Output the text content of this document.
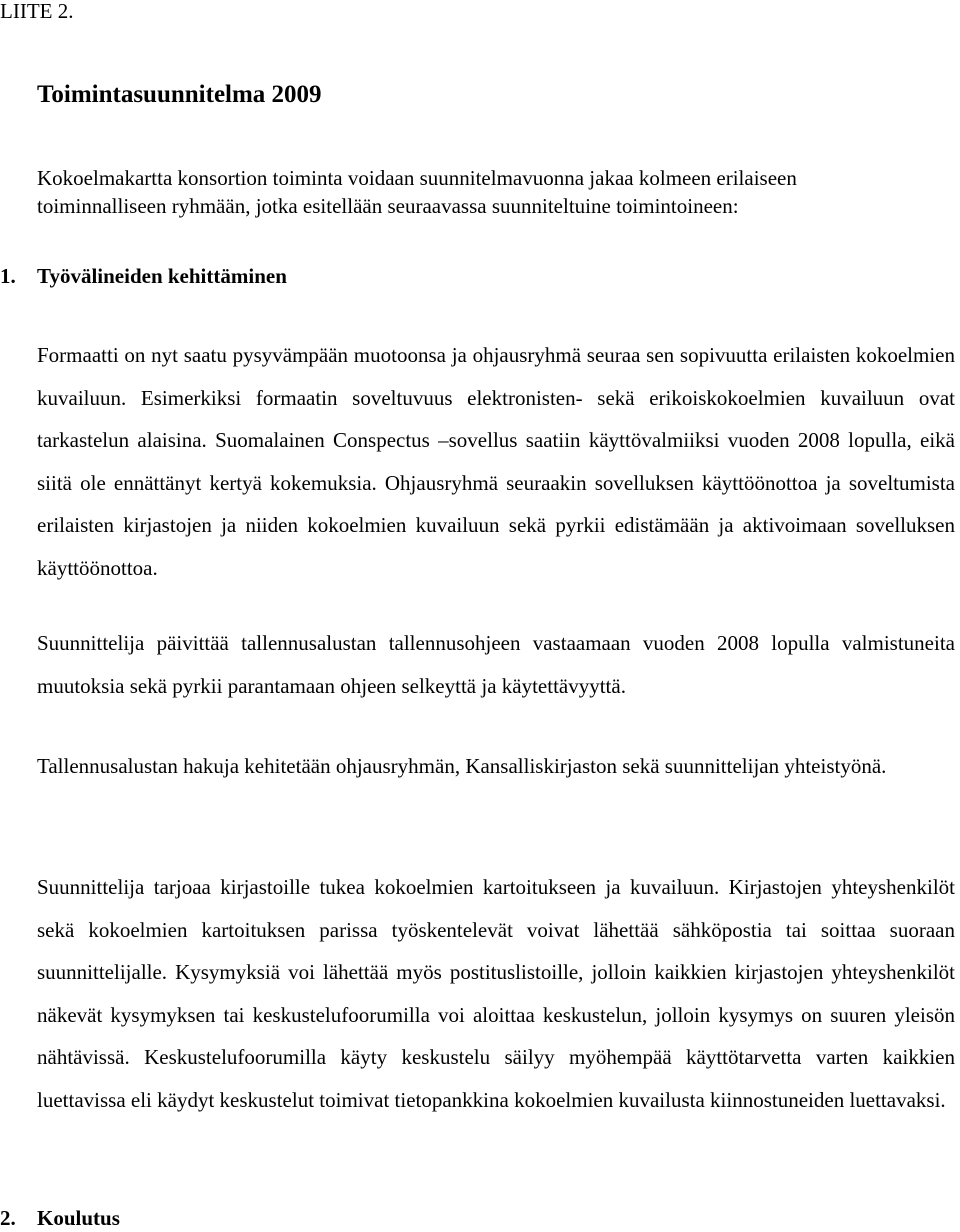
LIITE 2.
Toimintasuunnitelma 2009

Kokoelmakartta konsortion toiminta voidaan suunnitelmavuonna jakaa kolmeen erilaiseen toiminnalliseen ryhmään, jotka esitellään seuraavassa suunniteltuine toimintoineen:

1. Työvälineiden kehittäminen

Formaatti on nyt saatu pysyvämpään muotoonsa ja ohjausryhmä seuraa sen sopivuutta erilaisten kokoelmien kuvailuun. Esimerkiksi formaatin soveltuvuus elektronisten- sekä erikoiskokoelmien kuvailuun ovat tarkastelun alaisina. Suomalainen Conspectus –sovellus saatiin käyttövalmiiksi vuoden 2008 lopulla, eikä siitä ole ennättänyt kertyä kokemuksia. Ohjausryhmä seuraakin sovelluksen käyttöönottoa ja soveltumista erilaisten kirjastojen ja niiden kokoelmien kuvailuun sekä pyrkii edistämään ja aktivoimaan sovelluksen käyttöönottoa.

Suunnittelija päivittää tallennusalustan tallennusohjeen vastaamaan vuoden 2008 lopulla valmistuneita muutoksia sekä pyrkii parantamaan ohjeen selkeyttä ja käytettävyyttä.

Tallennusalustan hakuja kehitetään ohjausryhmän, Kansalliskirjaston sekä suunnittelijan yhteistyönä.

Suunnittelija tarjoaa kirjastoille tukea kokoelmien kartoitukseen ja kuvailuun. Kirjastojen yhteyshenkilöt sekä kokoelmien kartoituksen parissa työskentelevät voivat lähettää sähköpostia tai soittaa suoraan suunnittelijalle. Kysymyksiä voi lähettää myös postituslistoille, jolloin kaikkien kirjastojen yhteyshenkilöt näkevät kysymyksen tai keskustelufoorumilla voi aloittaa keskustelun, jolloin kysymys on suuren yleisön nähtävissä. Keskustelufoorumilla käyty keskustelu säilyy myöhempää käyttötarvetta varten kaikkien luettavissa eli käydyt keskustelut toimivat tietopankkina kokoelmien kuvailusta kiinnostuneiden luettavaksi.

2. Koulutus
